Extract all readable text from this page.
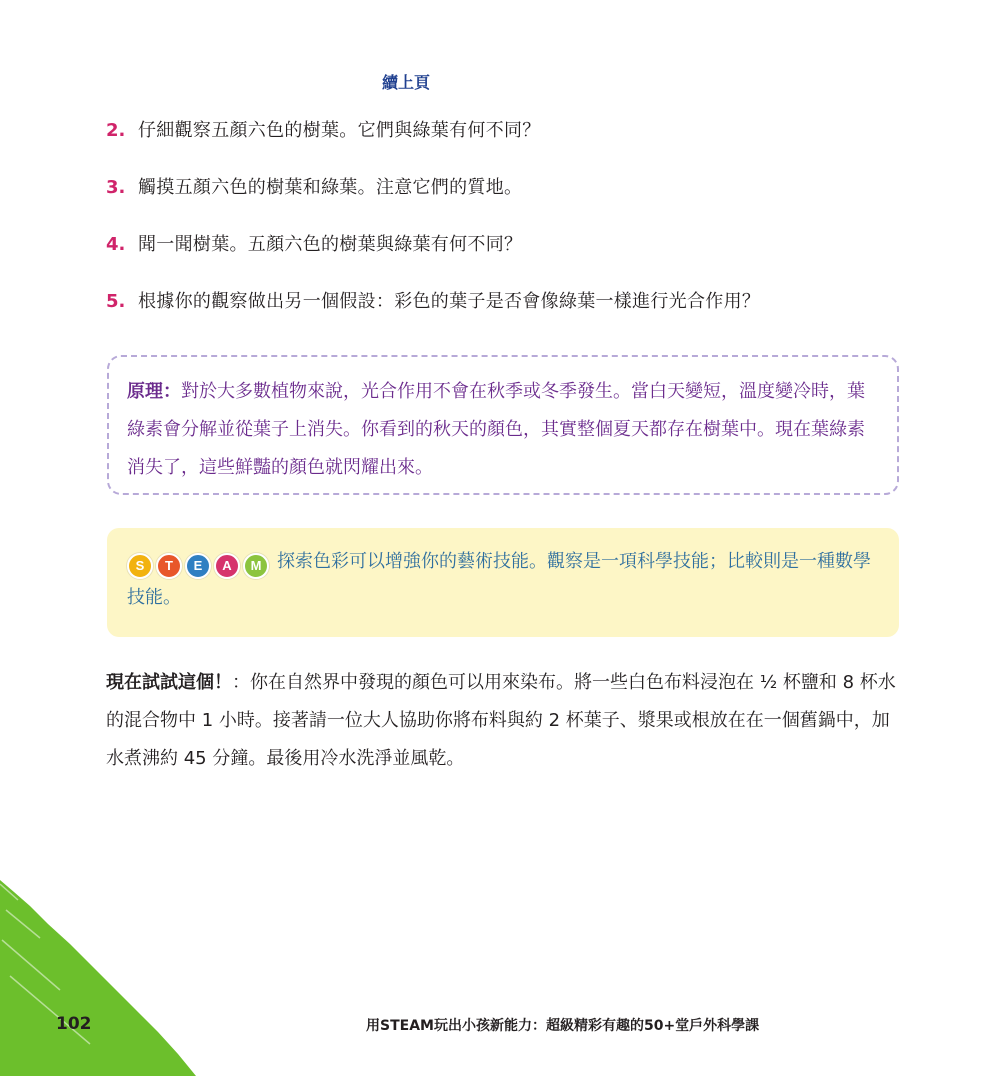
續上頁
2. 仔細觀察五顏六色的樹葉。它們與綠葉有何不同？
3. 觸摸五顏六色的樹葉和綠葉。注意它們的質地。
4. 聞一聞樹葉。五顏六色的樹葉與綠葉有何不同？
5. 根據你的觀察做出另一個假設：彩色的葉子是否會像綠葉一樣進行光合作用？
原理：對於大多數植物來說，光合作用不會在秋季或冬季發生。當白天變短，溫度變冷時，葉綠素會分解並從葉子上消失。你看到的秋天的顏色，其實整個夏天都存在樹葉中。現在葉綠素消失了，這些鮮豔的顏色就閃耀出來。
S	T	E	A	M 探索色彩可以增強你的藝術技能。觀察是一項科學技能；比較則是一種數學技能。
現在試試這個！：你在自然界中發現的顏色可以用來染布。將一些白色布料浸泡在 ½ 杯鹽和 8 杯水的混合物中 1 小時。接著請一位大人協助你將布料與約 2 杯葉子、漿果或根放在在一個舊鍋中，加水煮沸約 45 分鐘。最後用冷水洗淨並風乾。
102	用STEAM玩出小孩新能力：超級精彩有趣的50+堂戶外科學課
